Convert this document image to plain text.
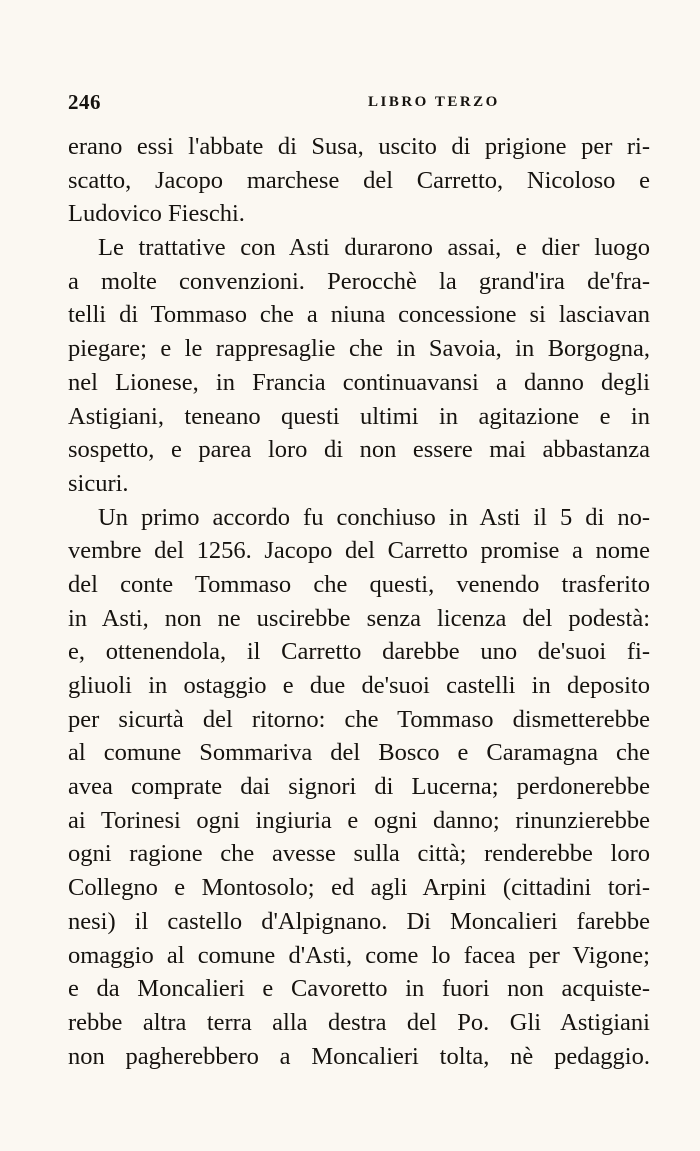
246	LIBRO TERZO
erano essi l'abbate di Susa, uscito di prigione per ri-
scatto, Jacopo marchese del Carretto, Nicoloso e
Ludovico Fieschi.
Le trattative con Asti durarono assai, e dier luogo
a molte convenzioni. Perocchè la grand'ira de'fra-
telli di Tommaso che a niuna concessione si lasciavan
piegare; e le rappresaglie che in Savoia, in Borgogna,
nel Lionese, in Francia continuavansi a danno degli
Astigiani, teneano questi ultimi in agitazione e in
sospetto, e parea loro di non essere mai abbastanza
sicuri.
Un primo accordo fu conchiuso in Asti il 5 di no-
vembre del 1256. Jacopo del Carretto promise a nome
del conte Tommaso che questi, venendo trasferito
in Asti, non ne uscirebbe senza licenza del podestà:
e, ottenendola, il Carretto darebbe uno de'suoi fi-
gliuoli in ostaggio e due de'suoi castelli in deposito
per sicurtà del ritorno: che Tommaso dismetterebbe
al comune Sommariva del Bosco e Caramagna che
avea comprate dai signori di Lucerna; perdonerebbe
ai Torinesi ogni ingiuria e ogni danno; rinunzierebbe
ogni ragione che avesse sulla città; renderebbe loro
Collegno e Montosolo; ed agli Arpini (cittadini tori-
nesi) il castello d'Alpignano. Di Moncalieri farebbe
omaggio al comune d'Asti, come lo facea per Vigone;
e da Moncalieri e Cavoretto in fuori non acquiste-
rebbe altra terra alla destra del Po. Gli Astigiani
non pagherebbero a Moncalieri tolta, nè pedaggio.
